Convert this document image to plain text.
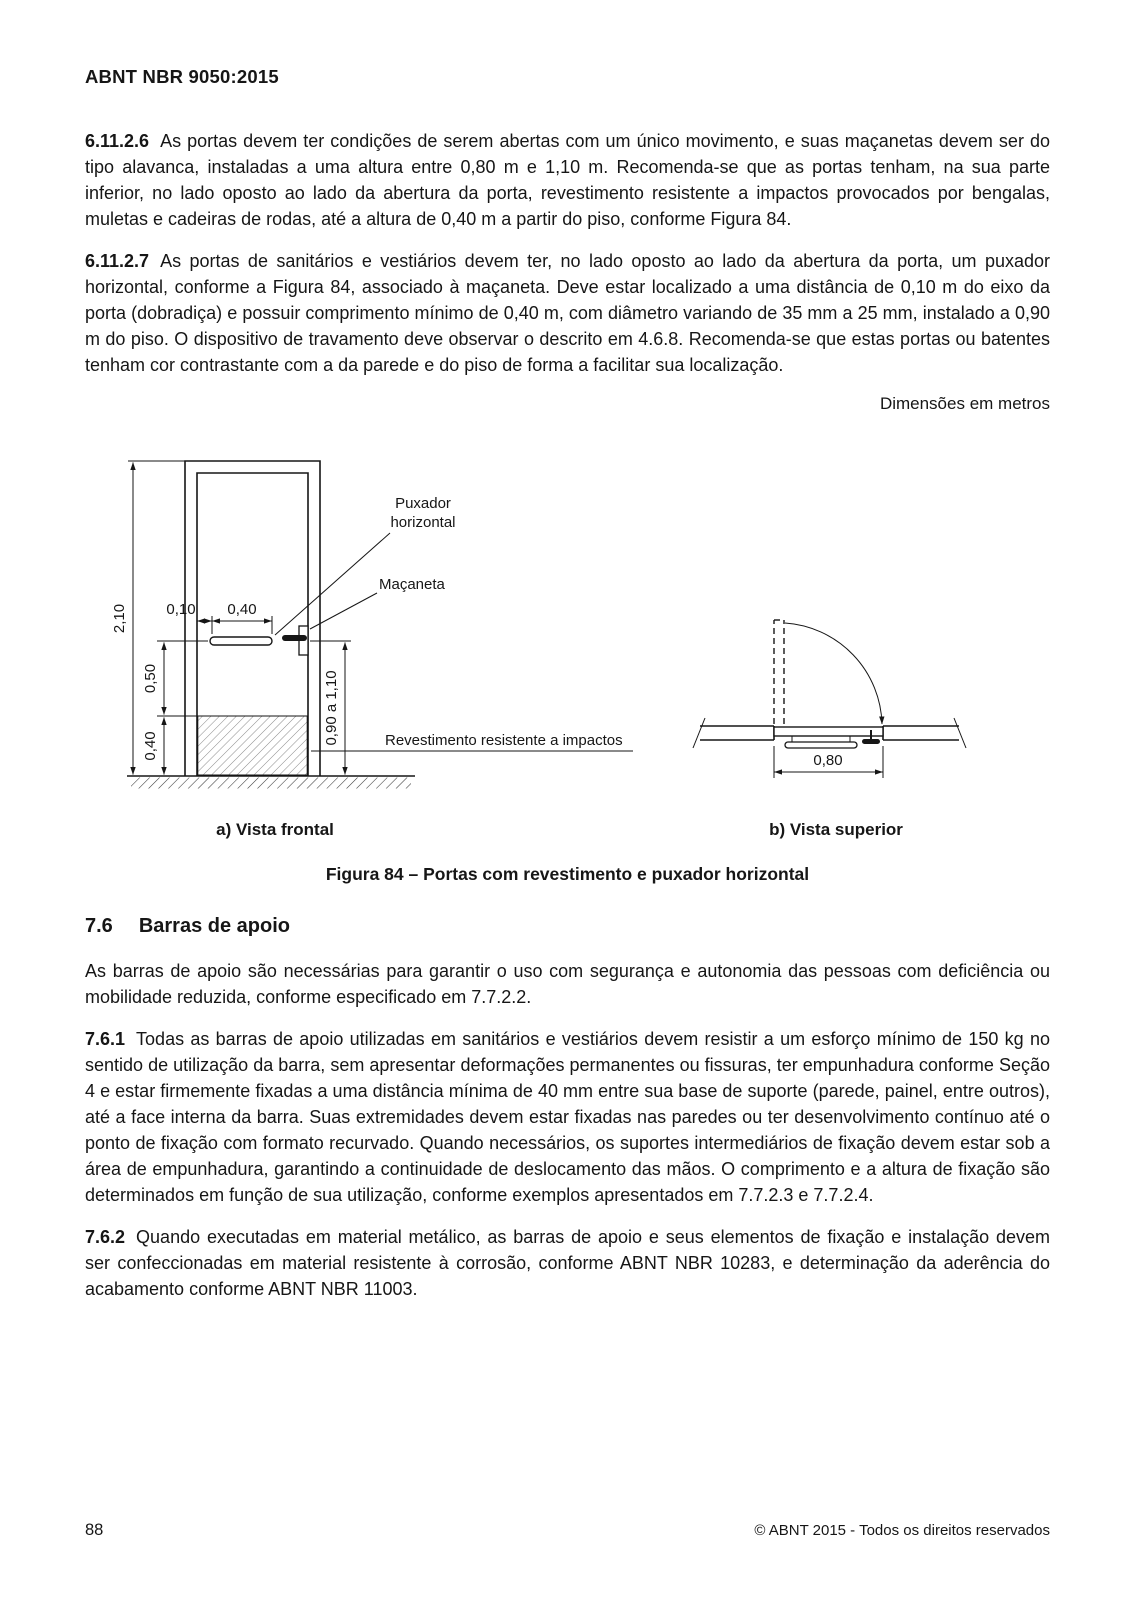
ABNT NBR 9050:2015

6.11.2.6 As portas devem ter condições de serem abertas com um único movimento, e suas maçanetas devem ser do tipo alavanca, instaladas a uma altura entre 0,80 m e 1,10 m. Recomenda-se que as portas tenham, na sua parte inferior, no lado oposto ao lado da abertura da porta, revestimento resistente a impactos provocados por bengalas, muletas e cadeiras de rodas, até a altura de 0,40 m a partir do piso, conforme Figura 84.

6.11.2.7 As portas de sanitários e vestiários devem ter, no lado oposto ao lado da abertura da porta, um puxador horizontal, conforme a Figura 84, associado à maçaneta. Deve estar localizado a uma distância de 0,10 m do eixo da porta (dobradiça) e possuir comprimento mínimo de 0,40 m, com diâmetro variando de 35 mm a 25 mm, instalado a 0,90 m do piso. O dispositivo de travamento deve observar o descrito em 4.6.8. Recomenda-se que estas portas ou batentes tenham cor contrastante com a da parede e do piso de forma a facilitar sua localização.

Dimensões em metros
2,10
0,50
0,40
0,10 0,40
0,90 a 1,10
Puxador
horizontal
Maçaneta
Revestimento resistente a impactos
a) Vista frontal
0,80
b) Vista superior
Figura 84 – Portas com revestimento e puxador horizontal
7.6 Barras de apoio

As barras de apoio são necessárias para garantir o uso com segurança e autonomia das pessoas com deficiência ou mobilidade reduzida, conforme especificado em 7.7.2.2.

7.6.1 Todas as barras de apoio utilizadas em sanitários e vestiários devem resistir a um esforço mínimo de 150 kg no sentido de utilização da barra, sem apresentar deformações permanentes ou fissuras, ter empunhadura conforme Seção 4 e estar firmemente fixadas a uma distância mínima de 40 mm entre sua base de suporte (parede, painel, entre outros), até a face interna da barra. Suas extremidades devem estar fixadas nas paredes ou ter desenvolvimento contínuo até o ponto de fixação com formato recurvado. Quando necessários, os suportes intermediários de fixação devem estar sob a área de empunhadura, garantindo a continuidade de deslocamento das mãos. O comprimento e a altura de fixação são determinados em função de sua utilização, conforme exemplos apresentados em 7.7.2.3 e 7.7.2.4.

7.6.2 Quando executadas em material metálico, as barras de apoio e seus elementos de fixação e instalação devem ser confeccionadas em material resistente à corrosão, conforme ABNT NBR 10283, e determinação da aderência do acabamento conforme ABNT NBR 11003.

88	© ABNT 2015 - Todos os direitos reservados
